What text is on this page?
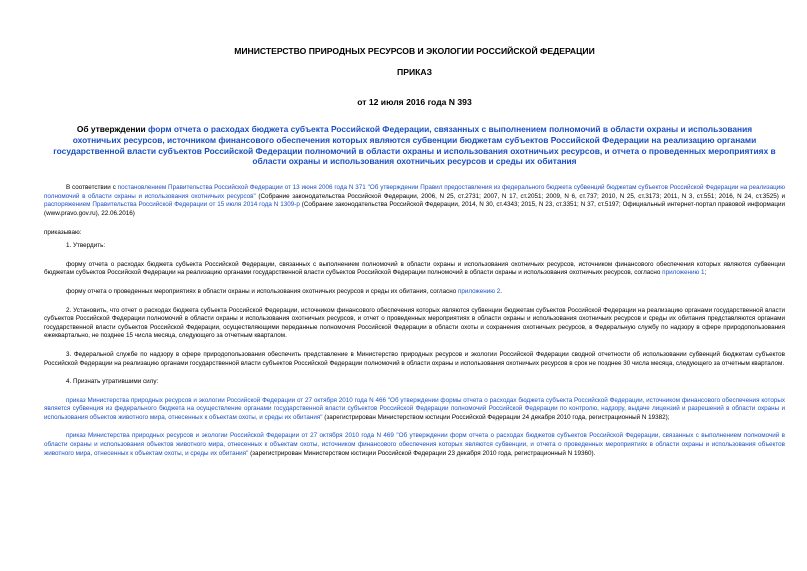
МИНИСТЕРСТВО ПРИРОДНЫХ РЕСУРСОВ И ЭКОЛОГИИ РОССИЙСКОЙ ФЕДЕРАЦИИ
ПРИКАЗ
от 12 июля 2016 года N 393
Об утверждении форм отчета о расходах бюджета субъекта Российской Федерации, связанных с выполнением полномочий в области охраны и использования охотничьих ресурсов, источником финансового обеспечения которых являются субвенции бюджетам субъектов Российской Федерации на реализацию органами государственной власти субъектов Российской Федерации полномочий в области охраны и использования охотничьих ресурсов, и отчета о проведенных мероприятиях в области охраны и использования охотничьих ресурсов и среды их обитания

В соответствии с постановлением Правительства Российской Федерации от 13 июня 2006 года N 371 "Об утверждении Правил предоставления из федерального бюджета субвенций бюджетам субъектов Российской Федерации на реализацию полномочий в области охраны и использования охотничьих ресурсов" (Собрание законодательства Российской Федерации, 2006, N 25, ст.2731; 2007, N 17, ст.2051; 2009, N 6, ст.737; 2010, N 25, ст.3173; 2011, N 3, ст.551; 2016, N 24, ст.3525) и распоряжением Правительства Российской Федерации от 15 июля 2014 года N 1309-р (Собрание законодательства Российской Федерации, 2014, N 30, ст.4343; 2015, N 23, ст.3351; N 37, ст.5197; Официальный интернет-портал правовой информации (www.pravo.gov.ru), 22.06.2016)

приказываю:

1. Утвердить:

форму отчета о расходах бюджета субъекта Российской Федерации, связанных с выполнением полномочий в области охраны и использования охотничьих ресурсов, источником финансового обеспечения которых являются субвенции бюджетам субъектов Российской Федерации на реализацию органами государственной власти субъектов Российской Федерации полномочий в области охраны и использования охотничьих ресурсов, согласно приложению 1;

форму отчета о проведенных мероприятиях в области охраны и использования охотничьих ресурсов и среды их обитания, согласно приложению 2.

2. Установить, что отчет о расходах бюджета субъекта Российской Федерации, источником финансового обеспечения которых являются субвенции бюджетам субъектов Российской Федерации на реализацию органами государственной власти субъектов Российской Федерации полномочий в области охраны и использования охотничьих ресурсов, и отчет о проведенных мероприятиях в области охраны и использования охотничьих ресурсов и среды их обитания представляются органами государственной власти субъектов Российской Федерации, осуществляющими переданные полномочия Российской Федерации в области охоты и сохранения охотничьих ресурсов, в Федеральную службу по надзору в сфере природопользования ежеквартально, не позднее 15 числа месяца, следующего за отчетным кварталом.

3. Федеральной службе по надзору в сфере природопользования обеспечить представление в Министерство природных ресурсов и экологии Российской Федерации сводной отчетности об использовании субвенций бюджетам субъектов Российской Федерации на реализацию органами государственной власти субъектов Российской Федерации полномочий в области охраны и использования охотничьих ресурсов в срок не позднее 30 числа месяца, следующего за отчетным кварталом.

4. Признать утратившими силу:

приказ Министерства природных ресурсов и экологии Российской Федерации от 27 октября 2010 года N 466 "Об утверждении формы отчета о расходах бюджета субъекта Российской Федерации, источником финансового обеспечения которых является субвенция из федерального бюджета на осуществление органами государственной власти субъектов Российской Федерации полномочий Российской Федерации по контролю, надзору, выдаче лицензий и разрешений в области охраны и использования объектов животного мира, отнесенных к объектам охоты, и среды их обитания" (зарегистрирован Министерством юстиции Российской Федерации 24 декабря 2010 года, регистрационный N 19382);

приказ Министерства природных ресурсов и экологии Российской Федерации от 27 октября 2010 года N 469 "Об утверждении форм отчета о расходах бюджетов субъектов Российской Федерации, связанных с выполнением полномочий в области охраны и использования объектов животного мира, отнесенных к объектам охоты, источником финансового обеспечения которых являются субвенции, и отчета о проведенных мероприятиях в области охраны и использования объектов животного мира, отнесенных к объектам охоты, и среды их обитания" (зарегистрирован Министерством юстиции Российской Федерации 23 декабря 2010 года, регистрационный N 19360).
